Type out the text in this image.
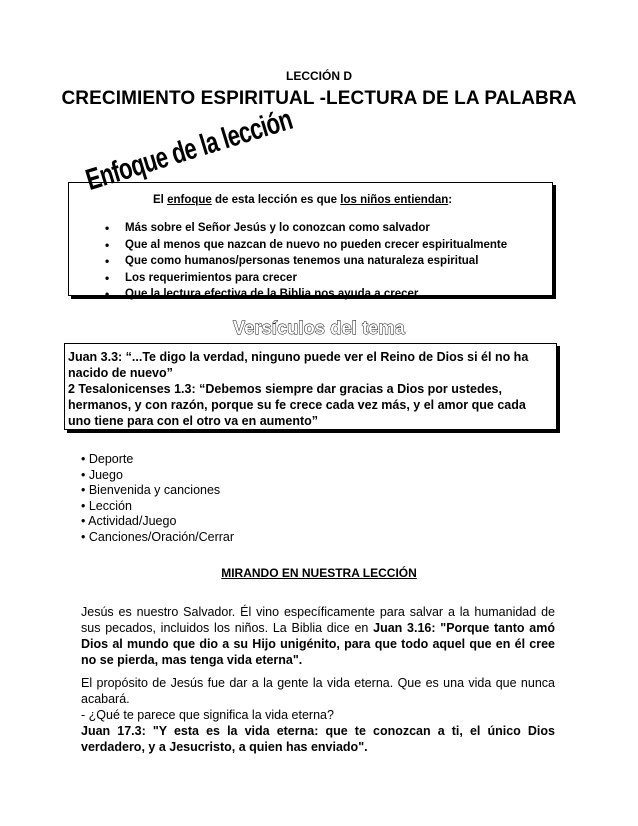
LECCIÓN D
CRECIMIENTO ESPIRITUAL -LECTURA DE LA PALABRA
Enfoque de la lección
El enfoque de esta lección es que los niños entiendan:
• Más sobre el Señor Jesús y lo conozcan como salvador
• Que al menos que nazcan de nuevo no pueden crecer espiritualmente
• Que como humanos/personas tenemos una naturaleza espiritual
• Los requerimientos para crecer
• Que la lectura efectiva de la Biblia nos ayuda a crecer
Versículos del tema

Juan 3.3: “...Te digo la verdad, ninguno puede ver el Reino de Dios si él no ha nacido de nuevo”

2 Tesalonicenses 1.3: “Debemos siempre dar gracias a Dios por ustedes, hermanos, y con razón, porque su fe crece cada vez más, y el amor que cada uno tiene para con el otro va en aumento”

• Deporte
• Juego
• Bienvenida y canciones
• Lección
• Actividad/Juego
• Canciones/Oración/Cerrar
MIRANDO EN NUESTRA LECCIÓN

Jesús es nuestro Salvador. Él vino específicamente para salvar a la humanidad de sus pecados, incluidos los niños. La Biblia dice en Juan 3.16: "Porque tanto amó Dios al mundo que dio a su Hijo unigénito, para que todo aquel que en él cree no se pierda, mas tenga vida eterna".

El propósito de Jesús fue dar a la gente la vida eterna. Que es una vida que nunca acabará.

- ¿Qué te parece que significa la vida eterna?

Juan 17.3: "Y esta es la vida eterna: que te conozcan a ti, el único Dios verdadero, y a Jesucristo, a quien has enviado".
